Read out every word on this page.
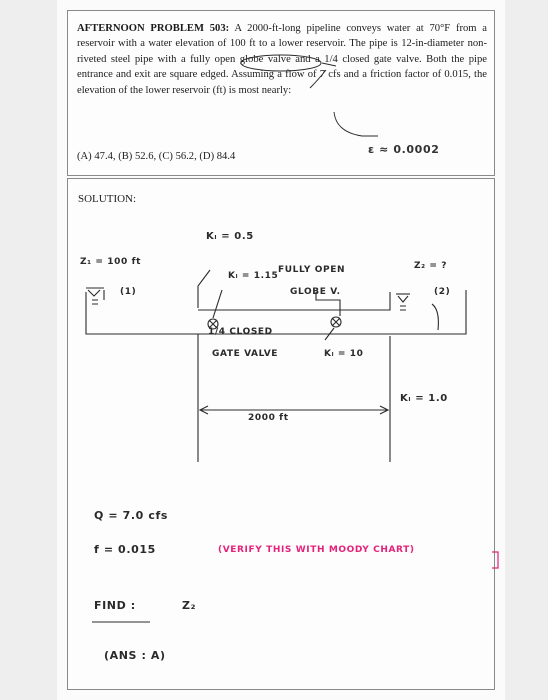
AFTERNOON PROBLEM 503: A 2000-ft-long pipeline conveys water at 70°F from a reservoir with a water elevation of 100 ft to a lower reservoir. The pipe is 12-in-diameter non-riveted steel pipe with a fully open globe valve and a 1/4 closed gate valve. Both the pipe entrance and exit are square edged. Assuming a flow of 7 cfs and a friction factor of 0.015, the elevation of the lower reservoir (ft) is most nearly:
(A) 47.4, (B) 52.6, (C) 56.2, (D) 84.4
ε ≈ 0.0002
SOLUTION:
Kₗ = 0.5
Z₁ = 100 ft
(1)
Kₗ = 1.15
FULLY OPEN
GLOBE V.
1/4 CLOSED
GATE VALVE	Kₗ = 10
Z₂ = ?
(2)
Kₗ = 1.0
2000 ft
Q = 7.0 cfs
f = 0.015	(VERIFY THIS WITH MOODY CHART)
FIND :	Z₂
(ANS : A)
